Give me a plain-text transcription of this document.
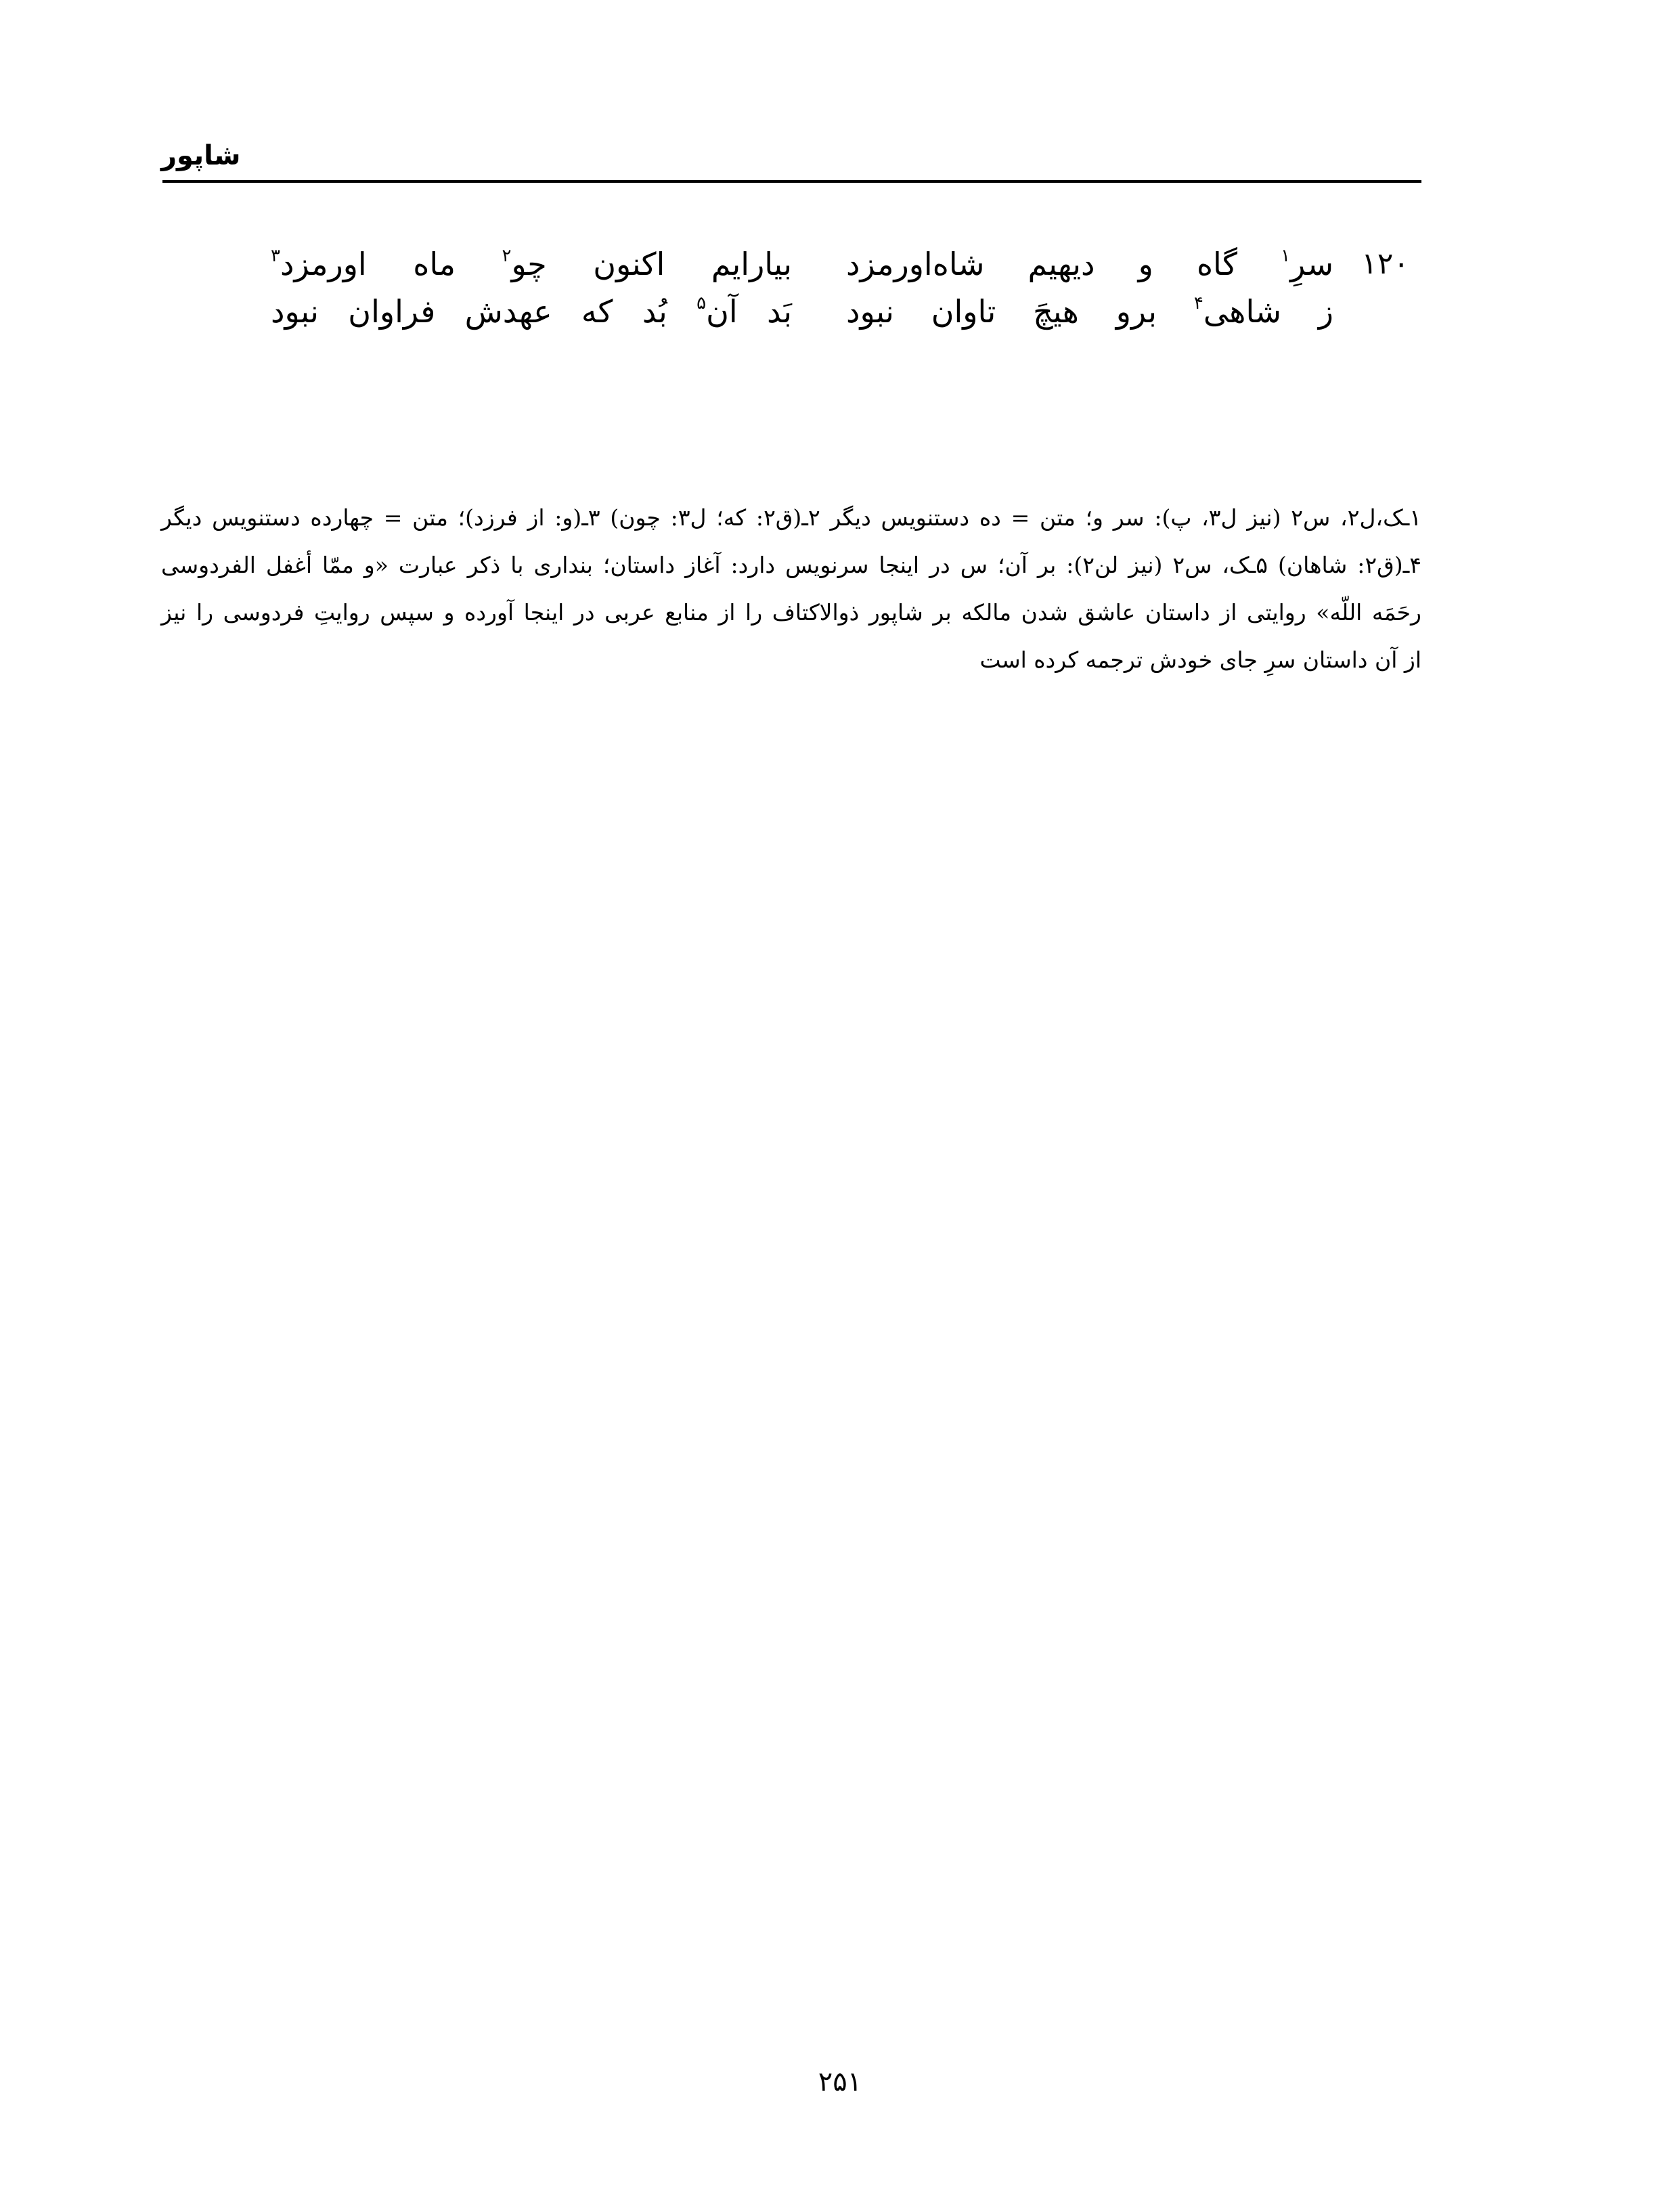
شاپور
۱۲۰
سرِ$^۱$ گاه و دیهیم شاه‌اورمزد
بیارایم اکنون چو$^۲$ ماه اورمزد$^۳$
ز شاهی$^۴$ برو هیچَ تاوان نبود
بَد آن$^۵$ بُد که عهدش فراوان نبود
۱ـک،ل۲، س۲ (نیز ل۳، پ): سر و؛ متن = ده دستنویس دیگر ۲ـ(ق۲: که؛ ل۳: چون) ۳ـ(و: از فرزد)؛ متن = چهارده دستنویس دیگر
۴ـ(ق۲: شاهان) ۵ـک، س۲ (نیز لن۲): بر آن؛ س در اینجا سرنویس دارد: آغاز داستان؛ بنداری با ذکر عبارت «و ممّا أغفل الفردوسی
رحَمَه اللّه» روایتی از داستان عاشق شدن مالکه بر شاپور ذوالاکتاف را از منابع عربی در اینجا آورده و سپس روایتِ فردوسی را نیز
از آن داستان سرِ جای خودش ترجمه کرده است
۲۵۱
